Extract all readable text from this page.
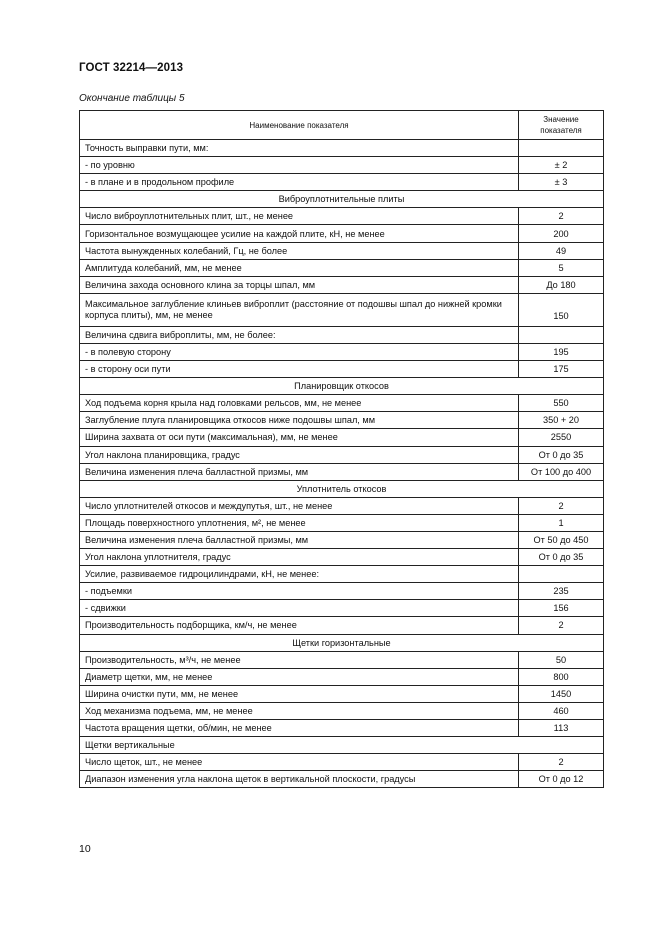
ГОСТ 32214—2013
Окончание таблицы 5
Наименование показателя	Значение показателя
Точность выправки пути, мм:	
- по уровню	± 2
- в плане и в продольном профиле	± 3
Виброуплотнительные плиты	
Число виброуплотнительных плит, шт., не менее	2
Горизонтальное возмущающее усилие на каждой плите, кН, не менее	200
Частота вынужденных колебаний, Гц, не более	49
Амплитуда колебаний, мм, не менее	5
Величина захода основного клина за торцы шпал, мм	До 180
Максимальное заглубление клиньев виброплит (расстояние от подошвы шпал до нижней кромки корпуса плиты), мм, не менее	150
Величина сдвига виброплиты, мм, не более:	
- в полевую сторону	195
- в сторону оси пути	175
Планировщик откосов	
Ход подъема корня крыла над головками рельсов, мм, не менее	550
Заглубление плуга планировщика откосов ниже подошвы шпал, мм	350 + 20
Ширина захвата от оси пути (максимальная), мм, не менее	2550
Угол наклона планировщика, градус	От 0 до 35
Величина изменения плеча балластной призмы, мм	От 100 до 400
Уплотнитель откосов	
Число уплотнителей откосов и междупутья, шт., не менее	2
Площадь поверхностного уплотнения, м², не менее	1
Величина изменения плеча балластной призмы, мм	От 50 до 450
Угол наклона уплотнителя, градус	От 0 до 35
Усилие, развиваемое гидроцилиндрами, кН, не менее:	
- подъемки	235
- сдвижки	156
Производительность подборщика, км/ч, не менее	2
Щетки горизонтальные	
Производительность, м³/ч, не менее	50
Диаметр щетки, мм, не менее	800
Ширина очистки пути, мм, не менее	1450
Ход механизма подъема, мм, не менее	460
Частота вращения щетки, об/мин, не менее	113
Щетки вертикальные	
Число щеток, шт., не менее	2
Диапазон изменения угла наклона щеток в вертикальной плоскости, градусы	От 0 до 12
10
